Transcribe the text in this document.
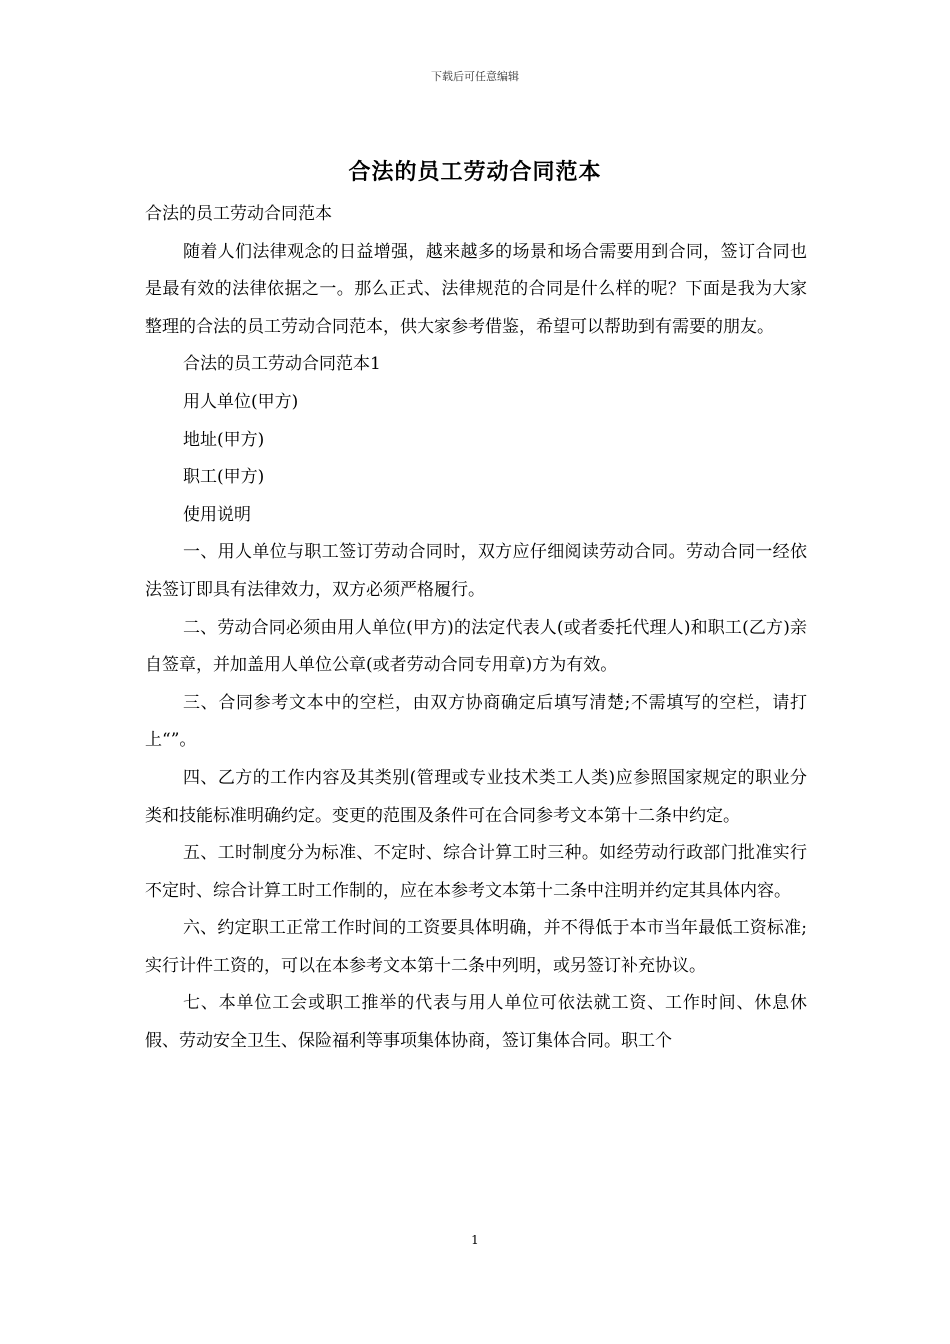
下载后可任意编辑
合法的员工劳动合同范本

合法的员工劳动合同范本

随着人们法律观念的日益增强，越来越多的场景和场合需要用到合同，签订合同也是最有效的法律依据之一。那么正式、法律规范的合同是什么样的呢？下面是我为大家整理的合法的员工劳动合同范本，供大家参考借鉴，希望可以帮助到有需要的朋友。

合法的员工劳动合同范本1

用人单位(甲方)

地址(甲方)

职工(甲方)

使用说明

一、用人单位与职工签订劳动合同时，双方应仔细阅读劳动合同。劳动合同一经依法签订即具有法律效力，双方必须严格履行。

二、劳动合同必须由用人单位(甲方)的法定代表人(或者委托代理人)和职工(乙方)亲自签章，并加盖用人单位公章(或者劳动合同专用章)方为有效。

三、合同参考文本中的空栏，由双方协商确定后填写清楚;不需填写的空栏，请打上“”。

四、乙方的工作内容及其类别(管理或专业技术类工人类)应参照国家规定的职业分类和技能标准明确约定。变更的范围及条件可在合同参考文本第十二条中约定。

五、工时制度分为标准、不定时、综合计算工时三种。如经劳动行政部门批准实行不定时、综合计算工时工作制的，应在本参考文本第十二条中注明并约定其具体内容。

六、约定职工正常工作时间的工资要具体明确，并不得低于本市当年最低工资标准;实行计件工资的，可以在本参考文本第十二条中列明，或另签订补充协议。

七、本单位工会或职工推举的代表与用人单位可依法就工资、工作时间、休息休假、劳动安全卫生、保险福利等事项集体协商，签订集体合同。职工个

1
